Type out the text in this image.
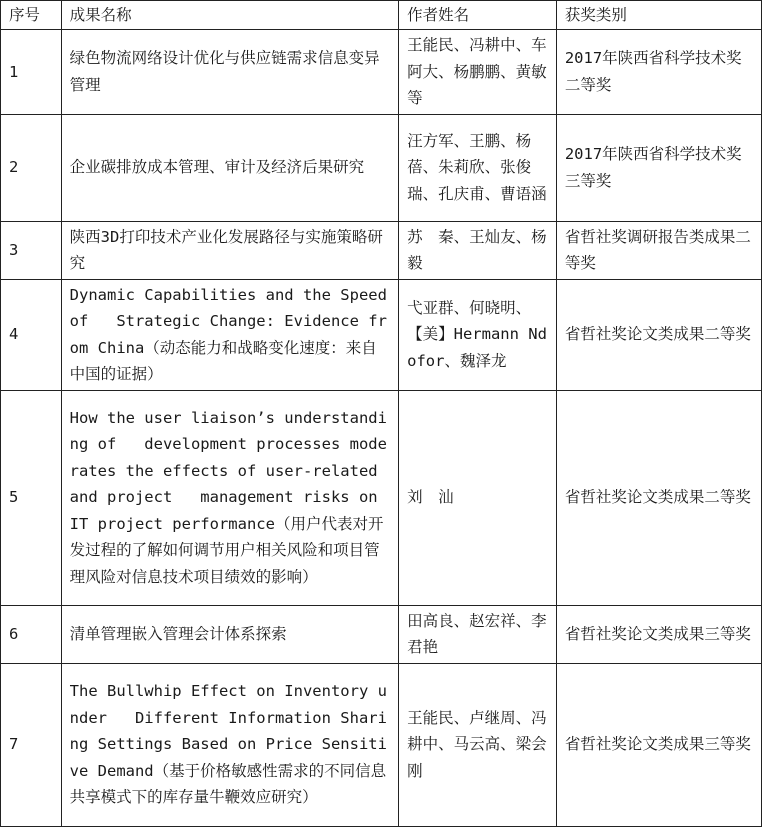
序号	成果名称	作者姓名	获奖类别
1	绿色物流网络设计优化与供应链需求信息变异管理	王能民、冯耕中、车阿大、杨鹏鹏、黄敏等	2017年陕西省科学技术奖二等奖
2	企业碳排放成本管理、审计及经济后果研究	汪方军、王鹏、杨蓓、朱莉欣、张俊瑞、孔庆甫、曹语涵	2017年陕西省科学技术奖三等奖
3	陕西3D打印技术产业化发展路径与实施策略研究	苏　秦、王灿友、杨　毅	省哲社奖调研报告类成果二等奖
4	Dynamic Capabilities and the Speed of   Strategic Change: Evidence from China（动态能力和战略变化速度：来自中国的证据）	弋亚群、何晓明、【美】Hermann Ndofor、魏泽龙	省哲社奖论文类成果二等奖
5	How the user liaison’s understanding of   development processes moderates the effects of user-related and project   management risks on IT project performance（用户代表对开发过程的了解如何调节用户相关风险和项目管理风险对信息技术项目绩效的影响）	刘　汕	省哲社奖论文类成果二等奖
6	清单管理嵌入管理会计体系探索	田高良、赵宏祥、李君艳	省哲社奖论文类成果三等奖
7	The Bullwhip Effect on Inventory under   Different Information Sharing Settings Based on Price Sensitive Demand（基于价格敏感性需求的不同信息共享模式下的库存量牛鞭效应研究）	王能民、卢继周、冯耕中、马云高、梁会刚	省哲社奖论文类成果三等奖
